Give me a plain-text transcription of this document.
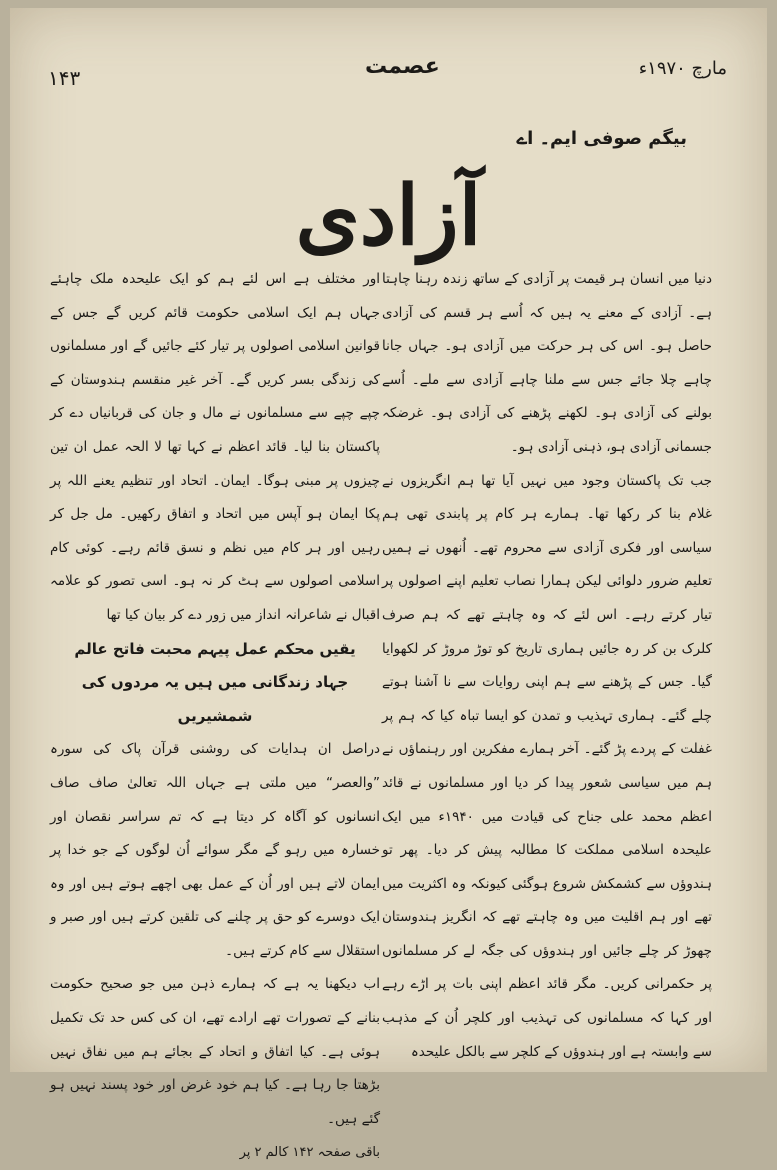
۱۴۳	عصمت	مارچ ۱۹۷۰ء
بیگم صوفی ایم۔ اے
آزادی

دنیا میں انسان ہر قیمت پر آزادی کے ساتھ زندہ رہنا چاہتا ہے۔ آزادی کے معنے یہ ہیں کہ اُسے ہر قسم کی آزادی حاصل ہو۔ اس کی ہر حرکت میں آزادی ہو۔ جہاں جانا چاہے چلا جائے جس سے ملنا چاہے آزادی سے ملے۔ اُسے بولنے کی آزادی ہو۔ لکھنے پڑھنے کی آزادی ہو۔ غرضکہ جسمانی آزادی ہو، ذہنی آزادی ہو۔

جب تک پاکستان وجود میں نہیں آیا تھا ہم انگریزوں نے غلام بنا کر رکھا تھا۔ ہمارے ہر کام پر پابندی تھی ہم سیاسی اور فکری آزادی سے محروم تھے۔ اُنھوں نے ہمیں تعلیم ضرور دلوائی لیکن ہمارا نصاب تعلیم اپنے اصولوں پر تیار کرتے رہے۔ اس لئے کہ وہ چاہتے تھے کہ ہم صرف کلرک بن کر رہ جائیں ہماری تاریخ کو توڑ مروڑ کر لکھوایا گیا۔ جس کے پڑھنے سے ہم اپنی روایات سے نا آشنا ہوتے چلے گئے۔ ہماری تہذیب و تمدن کو ایسا تباہ کیا کہ ہم پر غفلت کے پردے پڑ گئے۔ آخر ہمارے مفکرین اور رہنماؤں نے ہم میں سیاسی شعور پیدا کر دیا اور مسلمانوں نے قائد اعظم محمد علی جناح کی قیادت میں ۱۹۴۰ء میں ایک علیحدہ اسلامی مملکت کا مطالبہ پیش کر دیا۔ پھر تو ہندوؤں سے کشمکش شروع ہوگئی کیونکہ وہ اکثریت میں تھے اور ہم اقلیت میں وہ چاہتے تھے کہ انگریز ہندوستان چھوڑ کر چلے جائیں اور ہندوؤں کی جگہ لے کر مسلمانوں پر حکمرانی کریں۔ مگر قائد اعظم اپنی بات پر اڑے رہے اور کہا کہ مسلمانوں کی تہذیب اور کلچر اُن کے مذہب سے وابستہ ہے اور ہندوؤں کے کلچر سے بالکل علیحدہ

اور مختلف ہے اس لئے ہم کو ایک علیحدہ ملک چاہئے جہاں ہم ایک اسلامی حکومت قائم کریں گے جس کے قوانین اسلامی اصولوں پر تیار کئے جائیں گے اور مسلمانوں کی زندگی بسر کریں گے۔ آخر غیر منقسم ہندوستان کے چپے چپے سے مسلمانوں نے مال و جان کی قربانیاں دے کر پاکستان بنا لیا۔ قائد اعظم نے کہا تھا لا الحہ عمل ان تین چیزوں پر مبنی ہوگا۔ ایمان۔ اتحاد اور تنظیم یعنے اللہ پر پکا ایمان ہو آپس میں اتحاد و اتفاق رکھیں۔ مل جل کر رہیں اور ہر کام میں نظم و نسق قائم رہے۔ کوئی کام اسلامی اصولوں سے ہٹ کر نہ ہو۔ اسی تصور کو علامہ اقبال نے شاعرانہ انداز میں زور دے کر بیان کیا تھا

یقیں محکم عمل پیہم محبت فاتح عالم

جہاد زندگانی میں ہیں یہ مردوں کی شمشیریں

دراصل ان ہدایات کی روشنی قرآن پاک کی سورہ ”والعصر“ میں ملتی ہے جہاں اللہ تعالیٰ صاف صاف انسانوں کو آگاہ کر دیتا ہے کہ تم سراسر نقصان اور خسارہ میں رہو گے مگر سوائے اُن لوگوں کے جو خدا پر ایمان لاتے ہیں اور اُن کے عمل بھی اچھے ہوتے ہیں اور وہ ایک دوسرے کو حق پر چلنے کی تلقین کرتے ہیں اور صبر و استقلال سے کام کرتے ہیں۔

اب دیکھنا یہ ہے کہ ہمارے ذہن میں جو صحیح حکومت بنانے کے تصورات تھے ارادے تھے، ان کی کس حد تک تکمیل ہوئی ہے۔ کیا اتفاق و اتحاد کے بجائے ہم میں نفاق نہیں بڑھتا جا رہا ہے۔ کیا ہم خود غرض اور خود پسند نہیں ہو گئے ہیں۔

باقی صفحہ ۱۴۲ کالم ۲ پر
